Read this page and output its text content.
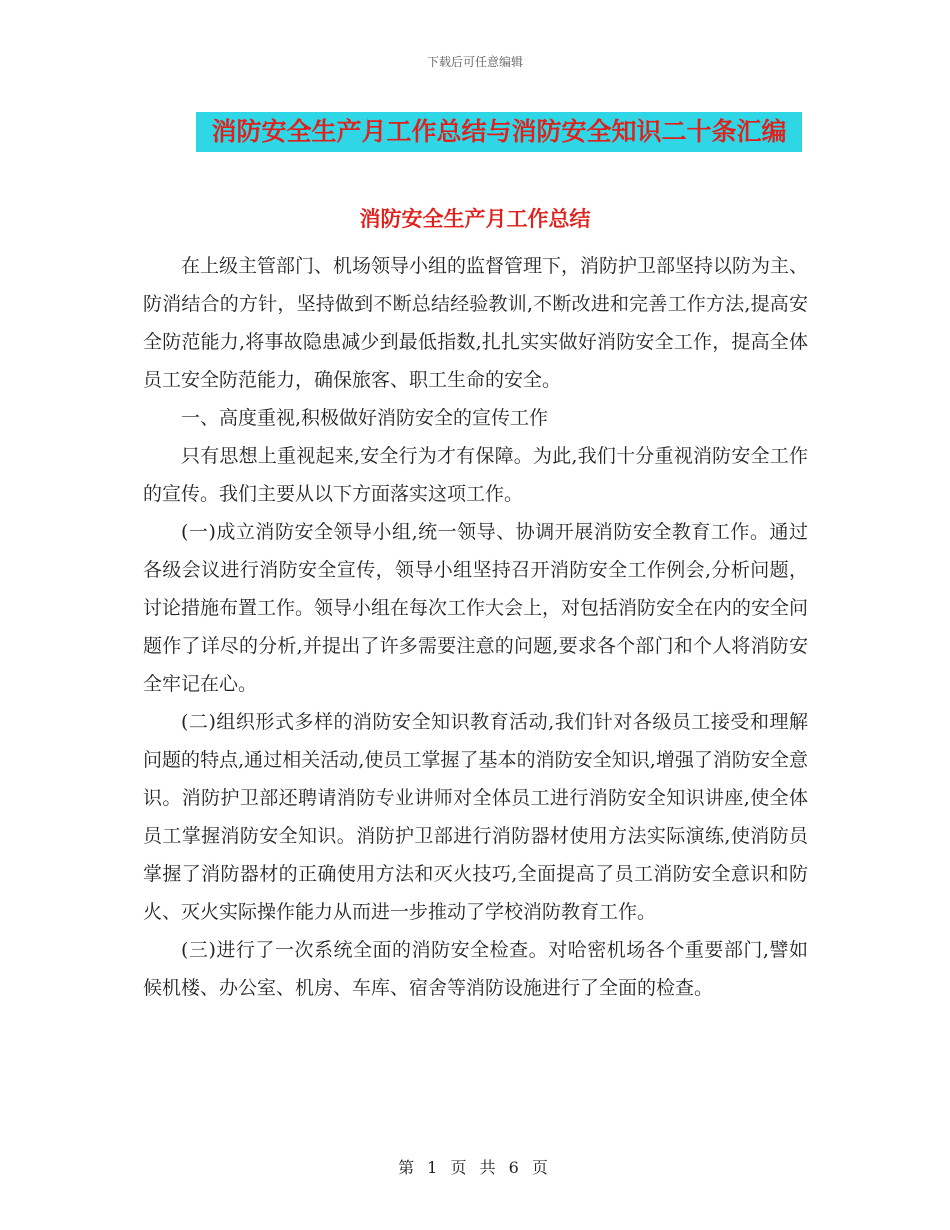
下载后可任意编辑
消防安全生产月工作总结与消防安全知识二十条汇编
消防安全生产月工作总结

在上级主管部门、机场领导小组的监督管理下，消防护卫部坚持以防为主、防消结合的方针，坚持做到不断总结经验教训,不断改进和完善工作方法,提高安全防范能力,将事故隐患减少到最低指数,扎扎实实做好消防安全工作，提高全体员工安全防范能力，确保旅客、职工生命的安全。

一、高度重视,积极做好消防安全的宣传工作

只有思想上重视起来,安全行为才有保障。为此,我们十分重视消防安全工作的宣传。我们主要从以下方面落实这项工作。

(一)成立消防安全领导小组,统一领导、协调开展消防安全教育工作。通过各级会议进行消防安全宣传，领导小组坚持召开消防安全工作例会,分析问题，讨论措施布置工作。领导小组在每次工作大会上，对包括消防安全在内的安全问题作了详尽的分析,并提出了许多需要注意的问题,要求各个部门和个人将消防安全牢记在心。

(二)组织形式多样的消防安全知识教育活动,我们针对各级员工接受和理解问题的特点,通过相关活动,使员工掌握了基本的消防安全知识,增强了消防安全意识。消防护卫部还聘请消防专业讲师对全体员工进行消防安全知识讲座,使全体员工掌握消防安全知识。消防护卫部进行消防器材使用方法实际演练,使消防员掌握了消防器材的正确使用方法和灭火技巧,全面提高了员工消防安全意识和防火、灭火实际操作能力从而进一步推动了学校消防教育工作。

(三)进行了一次系统全面的消防安全检查。对哈密机场各个重要部门,譬如候机楼、办公室、机房、车库、宿舍等消防设施进行了全面的检查。

第 1 页 共 6 页
